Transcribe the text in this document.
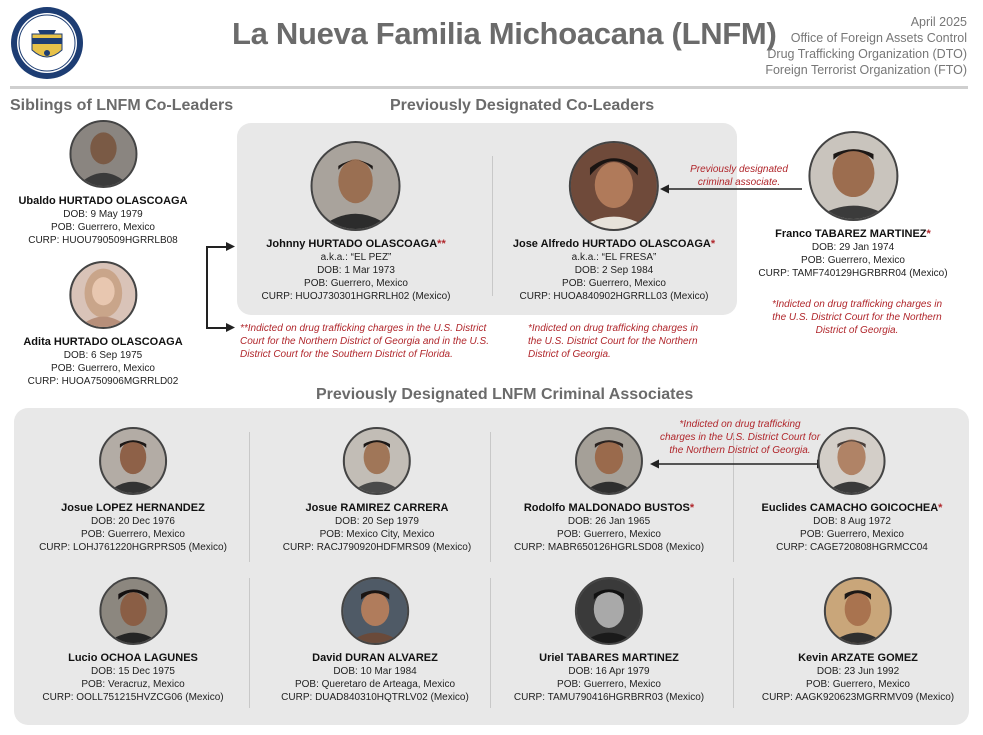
La Nueva Familia Michoacana (LNFM)	April 2025
Office of Foreign Assets Control
Drug Trafficking Organization (DTO)
Foreign Terrorist Organization (FTO)
Siblings of LNFM Co-Leaders	Previously Designated Co-Leaders
Previously Designated LNFM Criminal Associates
Previously designated
criminal associate.
*Indicted on drug trafficking
charges in the U.S. District Court for
the Northern District of Georgia.
**Indicted on drug trafficking charges in the U.S. District
Court for the Northern District of Georgia and in the U.S.
District Court for the Southern District of Florida.
*Indicted on drug trafficking charges in
the U.S. District Court for the Northern
District of Georgia.
*Indicted on drug trafficking charges in
the U.S. District Court for the Northern
District of Georgia.
Ubaldo HURTADO OLASCOAGA
DOB: 9 May 1979
POB: Guerrero, Mexico
CURP: HUOU790509HGRRLB08
Adita HURTADO OLASCOAGA
DOB: 6 Sep 1975
POB: Guerrero, Mexico
CURP: HUOA750906MGRRLD02
Johnny HURTADO OLASCOAGA**
a.k.a.: “EL PEZ”
DOB: 1 Mar 1973
POB: Guerrero, Mexico
CURP: HUOJ730301HGRRLH02 (Mexico)
Jose Alfredo HURTADO OLASCOAGA*
a.k.a.: “EL FRESA”
DOB: 2 Sep 1984
POB: Guerrero, Mexico
CURP: HUOA840902HGRRLL03 (Mexico)
Franco TABAREZ MARTINEZ*
DOB: 29 Jan 1974
POB: Guerrero, Mexico
CURP: TAMF740129HGRBRR04 (Mexico)
Josue LOPEZ HERNANDEZ
DOB: 20 Dec 1976
POB: Guerrero, Mexico
CURP: LOHJ761220HGRPRS05 (Mexico)
Josue RAMIREZ CARRERA
DOB: 20 Sep 1979
POB: Mexico City, Mexico
CURP: RACJ790920HDFMRS09 (Mexico)
Rodolfo MALDONADO BUSTOS*
DOB: 26 Jan 1965
POB: Guerrero, Mexico
CURP: MABR650126HGRLSD08 (Mexico)
Euclides CAMACHO GOICOCHEA*
DOB: 8 Aug 1972
POB: Guerrero, Mexico
CURP: CAGE720808HGRMCC04
Lucio OCHOA LAGUNES
DOB: 15 Dec 1975
POB: Veracruz, Mexico
CURP: OOLL751215HVZCG06 (Mexico)
David DURAN ALVAREZ
DOB: 10 Mar 1984
POB: Queretaro de Arteaga, Mexico
CURP: DUAD840310HQTRLV02 (Mexico)
Uriel TABARES MARTINEZ
DOB: 16 Apr 1979
POB: Guerrero, Mexico
CURP: TAMU790416HGRBRR03 (Mexico)
Kevin ARZATE GOMEZ
DOB: 23 Jun 1992
POB: Guerrero, Mexico
CURP: AAGK920623MGRRMV09 (Mexico)
